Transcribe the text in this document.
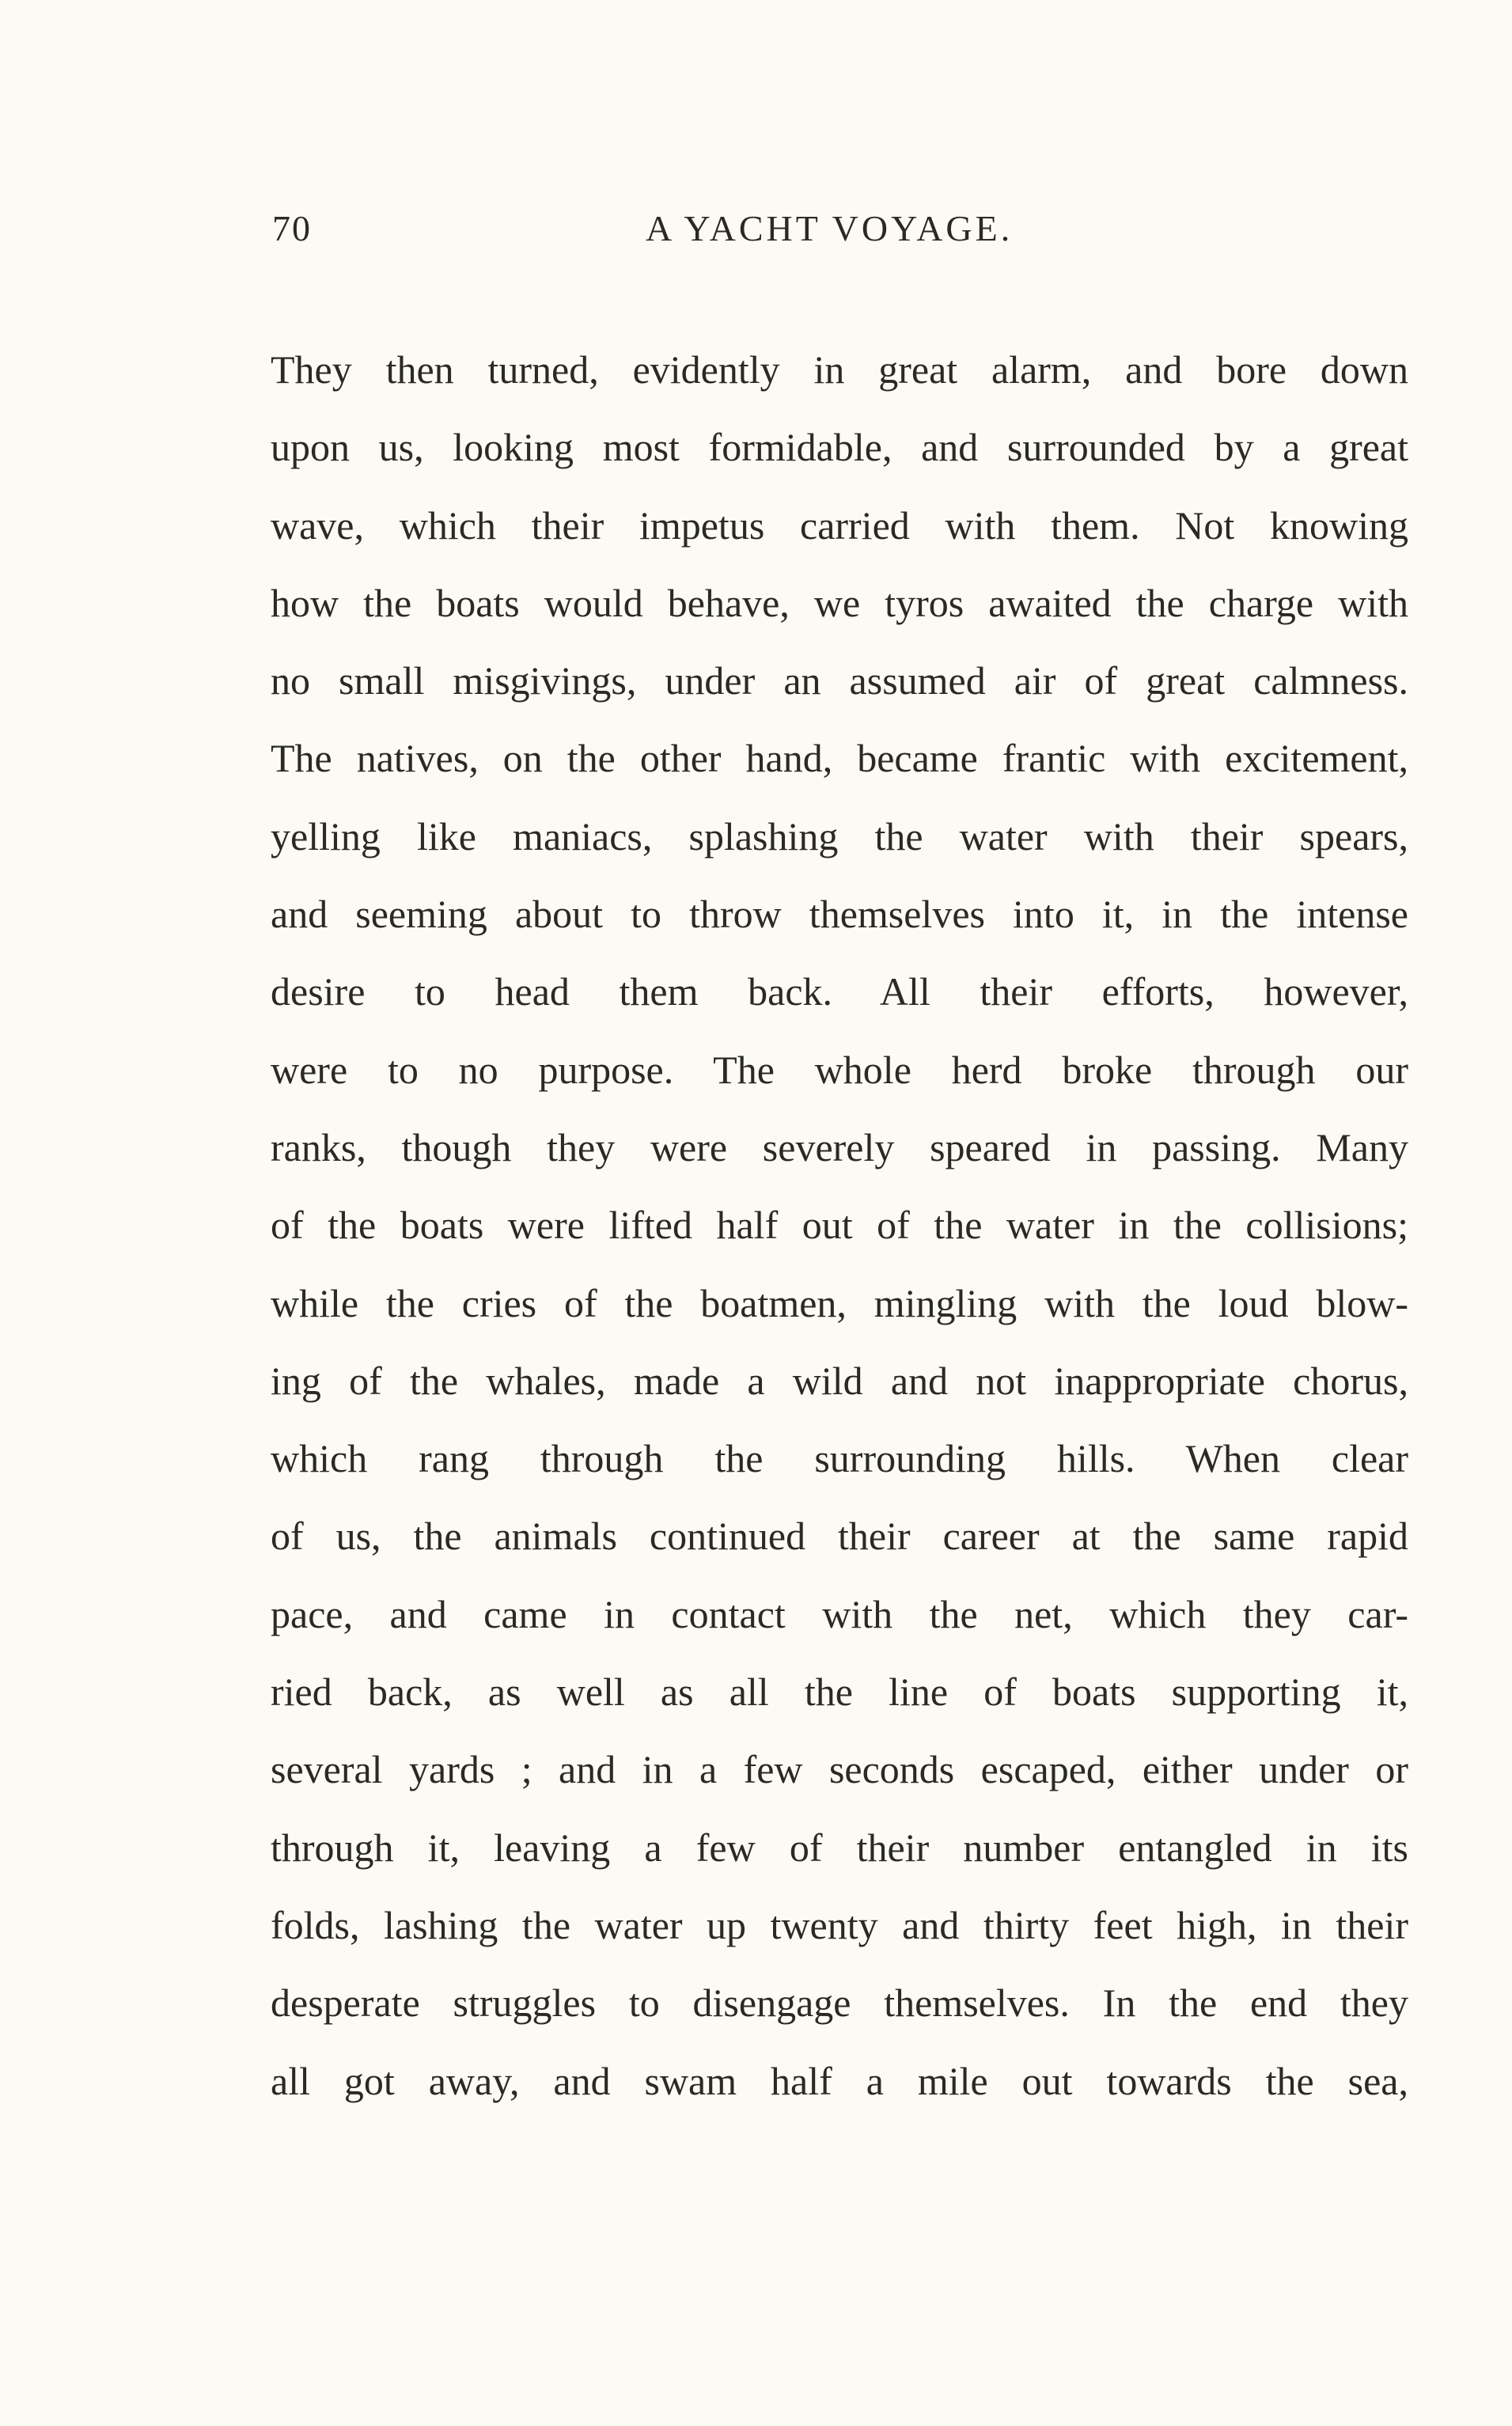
70	A YACHT VOYAGE.
They then turned, evidently in great alarm, and bore down
upon us, looking most formidable, and surrounded by a great
wave, which their impetus carried with them. Not knowing
how the boats would behave, we tyros awaited the charge with
no small misgivings, under an assumed air of great calmness.
The natives, on the other hand, became frantic with excitement,
yelling like maniacs, splashing the water with their spears,
and seeming about to throw themselves into it, in the intense
desire to head them back. All their efforts, however,
were to no purpose. The whole herd broke through our
ranks, though they were severely speared in passing. Many
of the boats were lifted half out of the water in the collisions;
while the cries of the boatmen, mingling with the loud blow-
ing of the whales, made a wild and not inappropriate chorus,
which rang through the surrounding hills. When clear
of us, the animals continued their career at the same rapid
pace, and came in contact with the net, which they car-
ried back, as well as all the line of boats supporting it,
several yards ; and in a few seconds escaped, either under or
through it, leaving a few of their number entangled in its
folds, lashing the water up twenty and thirty feet high, in their
desperate struggles to disengage themselves. In the end they
all got away, and swam half a mile out towards the sea,
